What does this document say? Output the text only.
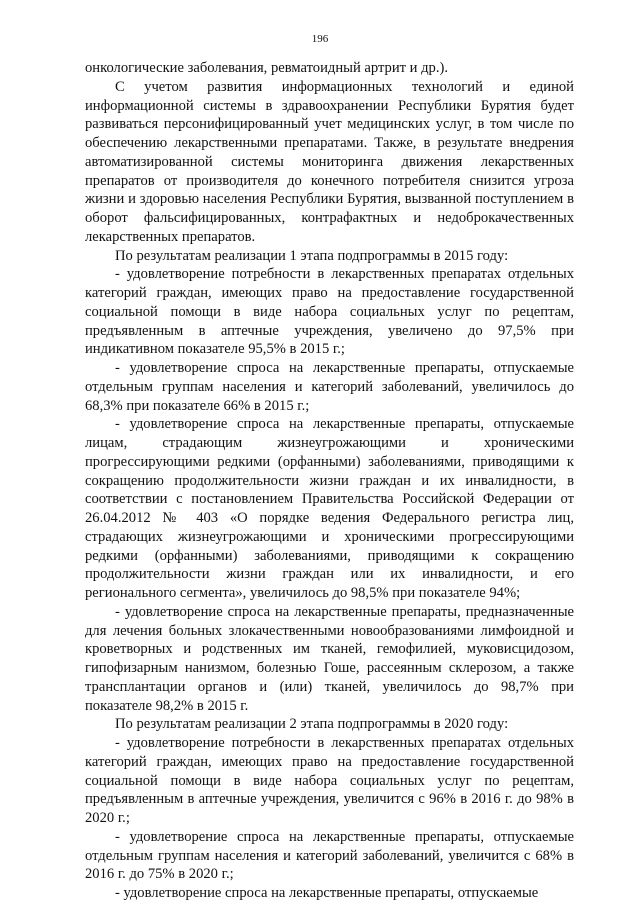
196

онкологические заболевания, ревматоидный артрит и др.).

С учетом развития информационных технологий и единой информационной системы в здравоохранении Республики Бурятия будет развиваться персонифицированный учет медицинских услуг, в том числе по обеспечению лекарственными препаратами. Также, в результате внедрения автоматизированной системы мониторинга движения лекарственных препаратов от производителя до конечного потребителя снизится угроза жизни и здоровью населения Республики Бурятия, вызванной поступлением в оборот фальсифицированных, контрафактных и недоброкачественных лекарственных препаратов.

По результатам реализации 1 этапа подпрограммы в 2015 году:

- удовлетворение потребности в лекарственных препаратах отдельных категорий граждан, имеющих право на предоставление государственной социальной помощи в виде набора социальных услуг по рецептам, предъявленным в аптечные учреждения, увеличено до 97,5% при индикативном показателе 95,5% в 2015 г.;

- удовлетворение спроса на лекарственные препараты, отпускаемые отдельным группам населения и категорий заболеваний, увеличилось до 68,3% при показателе 66% в 2015 г.;

- удовлетворение спроса на лекарственные препараты, отпускаемые лицам, страдающим жизнеугрожающими и хроническими прогрессирующими редкими (орфанными) заболеваниями, приводящими к сокращению продолжительности жизни граждан и их инвалидности, в соответствии с постановлением Правительства Российской Федерации от 26.04.2012 № 403 «О порядке ведения Федерального регистра лиц, страдающих жизнеугрожающими и хроническими прогрессирующими редкими (орфанными) заболеваниями, приводящими к сокращению продолжительности жизни граждан или их инвалидности, и его регионального сегмента», увеличилось до 98,5% при показателе 94%;

- удовлетворение спроса на лекарственные препараты, предназначенные для лечения больных злокачественными новообразованиями лимфоидной и кроветворных и родственных им тканей, гемофилией, муковисцидозом, гипофизарным нанизмом, болезнью Гоше, рассеянным склерозом, а также трансплантации органов и (или) тканей, увеличилось до 98,7% при показателе 98,2% в 2015 г.

По результатам реализации 2 этапа подпрограммы в 2020 году:

- удовлетворение потребности в лекарственных препаратах отдельных категорий граждан, имеющих право на предоставление государственной социальной помощи в виде набора социальных услуг по рецептам, предъявленным в аптечные учреждения, увеличится с 96% в 2016 г. до 98% в 2020 г.;

- удовлетворение спроса на лекарственные препараты, отпускаемые отдельным группам населения и категорий заболеваний, увеличится с 68% в 2016 г. до 75% в 2020 г.;

- удовлетворение спроса на лекарственные препараты, отпускаемые
